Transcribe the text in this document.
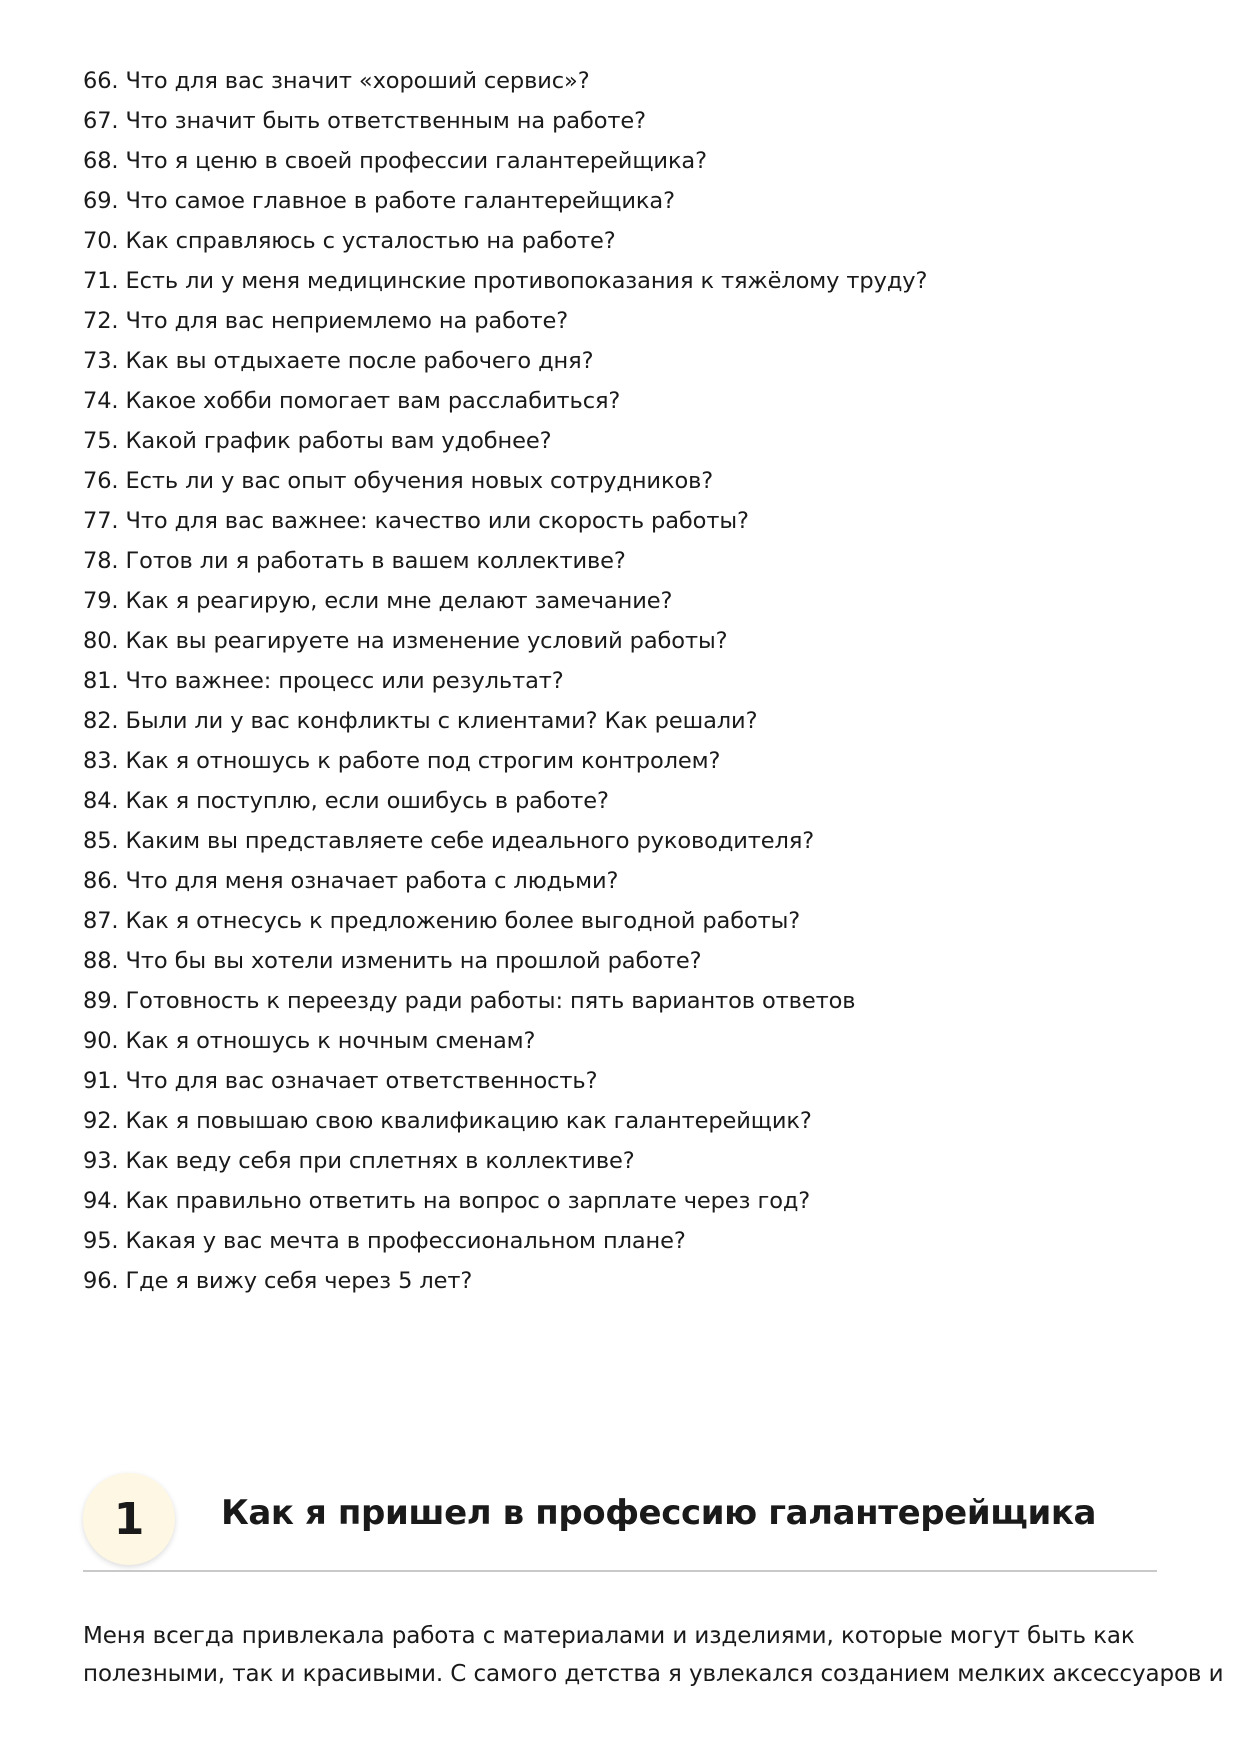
66. Что для вас значит «хороший сервис»?
67. Что значит быть ответственным на работе?
68. Что я ценю в своей профессии галантерейщика?
69. Что самое главное в работе галантерейщика?
70. Как справляюсь с усталостью на работе?
71. Есть ли у меня медицинские противопоказания к тяжёлому труду?
72. Что для вас неприемлемо на работе?
73. Как вы отдыхаете после рабочего дня?
74. Какое хобби помогает вам расслабиться?
75. Какой график работы вам удобнее?
76. Есть ли у вас опыт обучения новых сотрудников?
77. Что для вас важнее: качество или скорость работы?
78. Готов ли я работать в вашем коллективе?
79. Как я реагирую, если мне делают замечание?
80. Как вы реагируете на изменение условий работы?
81. Что важнее: процесс или результат?
82. Были ли у вас конфликты с клиентами? Как решали?
83. Как я отношусь к работе под строгим контролем?
84. Как я поступлю, если ошибусь в работе?
85. Каким вы представляете себе идеального руководителя?
86. Что для меня означает работа с людьми?
87. Как я отнесусь к предложению более выгодной работы?
88. Что бы вы хотели изменить на прошлой работе?
89. Готовность к переезду ради работы: пять вариантов ответов
90. Как я отношусь к ночным сменам?
91. Что для вас означает ответственность?
92. Как я повышаю свою квалификацию как галантерейщик?
93. Как веду себя при сплетнях в коллективе?
94. Как правильно ответить на вопрос о зарплате через год?
95. Какая у вас мечта в профессиональном плане?
96. Где я вижу себя через 5 лет?
1	Как я пришел в профессию галантерейщика

Меня всегда привлекала работа с материалами и изделиями, которые могут быть как
полезными, так и красивыми. С самого детства я увлекался созданием мелких аксессуаров и
